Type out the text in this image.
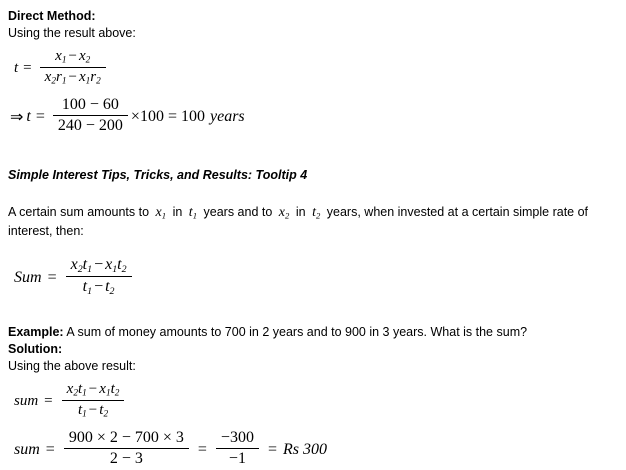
Direct Method:
Using the result above:
$t = \frac{x_1 - x_2}{x_2r_1 - x_1r_2}$
⇒ $t = \frac{100 - 60}{240 - 200} \times 100 = 100$ years
Simple Interest Tips, Tricks, and Results: Tooltip 4
A certain sum amounts to $x_1$ in $t_1$ years and to $x_2$ in $t_2$ years, when invested at a certain simple rate of
interest, then:
Sum = $\frac{x_2t_1 - x_1t_2}{t_1 - t_2}$
Example: A sum of money amounts to 700 in 2 years and to 900 in 3 years. What is the sum?
Solution:
Using the above result:
sum = $\frac{x_2t_1 - x_1t_2}{t_1 - t_2}$
sum = $\frac{900 \times 2 - 700 \times 3}{2 - 3} = \frac{-300}{-1} = Rs$ 300
